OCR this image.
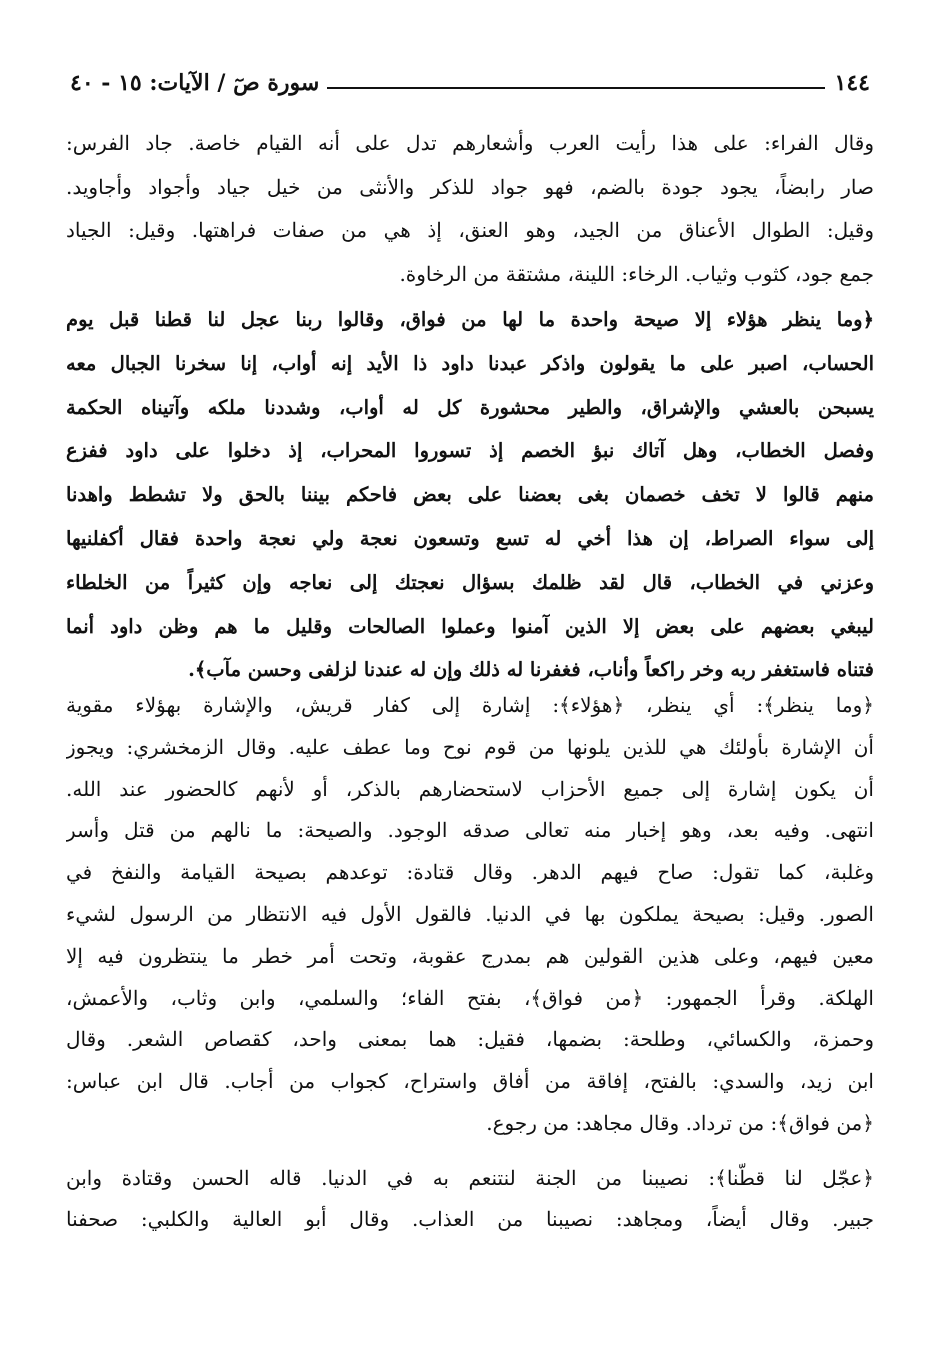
١٤٤
سورة صٓ / الآيات: ١٥ - ٤٠
وقال الفراء: على هذا رأيت العرب وأشعارهم تدل على أنه القيام خاصة. جاد الفرس:
صار رابضاً، يجود جودة بالضم، فهو جواد للذكر والأنثى من خيل جياد وأجواد وأجاويد.
وقيل: الطوال الأعناق من الجيد، وهو العنق، إذ هي من صفات فراهتها. وقيل: الجياد
جمع جود، كثوب وثياب. الرخاء: اللينة، مشتقة من الرخاوة.
﴿وما ينظر هؤلاء إلا صيحة واحدة ما لها من فواق، وقالوا ربنا عجل لنا قطنا قبل يوم
الحساب، اصبر على ما يقولون واذكر عبدنا داود ذا الأيد إنه أواب، إنا سخرنا الجبال معه
يسبحن بالعشي والإشراق، والطير محشورة كل له أواب، وشددنا ملكه وآتيناه الحكمة
وفصل الخطاب، وهل آتاك نبؤ الخصم إذ تسوروا المحراب، إذ دخلوا على داود ففزع
منهم قالوا لا تخف خصمان بغى بعضنا على بعض فاحكم بيننا بالحق ولا تشطط واهدنا
إلى سواء الصراط، إن هذا أخي له تسع وتسعون نعجة ولي نعجة واحدة فقال أكفلنيها
وعزني في الخطاب، قال لقد ظلمك بسؤال نعجتك إلى نعاجه وإن كثيراً من الخلطاء
ليبغي بعضهم على بعض إلا الذين آمنوا وعملوا الصالحات وقليل ما هم وظن داود أنما
فتناه فاستغفر ربه وخر راكعاً وأناب، فغفرنا له ذلك وإن له عندنا لزلفى وحسن مآب﴾.
﴿وما ينظر﴾: أي ينظر، ﴿هؤلاء﴾: إشارة إلى كفار قريش، والإشارة بهؤلاء مقوية
أن الإشارة بأولئك هي للذين يلونها من قوم نوح وما عطف عليه. وقال الزمخشري: ويجوز
أن يكون إشارة إلى جميع الأحزاب لاستحضارهم بالذكر، أو لأنهم كالحضور عند الله.
انتهى. وفيه بعد، وهو إخبار منه تعالى صدقه الوجود. والصيحة: ما نالهم من قتل وأسر
وغلبة، كما تقول: صاح فيهم الدهر. وقال قتادة: توعدهم بصيحة القيامة والنفخ في
الصور. وقيل: بصيحة يملكون بها في الدنيا. فالقول الأول فيه الانتظار من الرسول لشيء
معين فيهم، وعلى هذين القولين هم بمدرج عقوبة، وتحت أمر خطر ما ينتظرون فيه إلا
الهلكة. وقرأ الجمهور: ﴿من فواق﴾، بفتح الفاء؛ والسلمي، وابن وثاب، والأعمش،
وحمزة، والكسائي، وطلحة: بضمها، فقيل: هما بمعنى واحد، كقصاص الشعر. وقال
ابن زيد، والسدي: بالفتح، إفاقة من أفاق واستراح، كجواب من أجاب. قال ابن عباس:
﴿من فواق﴾: من ترداد. وقال مجاهد: من رجوع.
﴿عجّل لنا قطّنا﴾: نصيبنا من الجنة لنتنعم به في الدنيا. قاله الحسن وقتادة وابن
جبير. وقال أيضاً، ومجاهد: نصيبنا من العذاب. وقال أبو العالية والكلبي: صحفنا
